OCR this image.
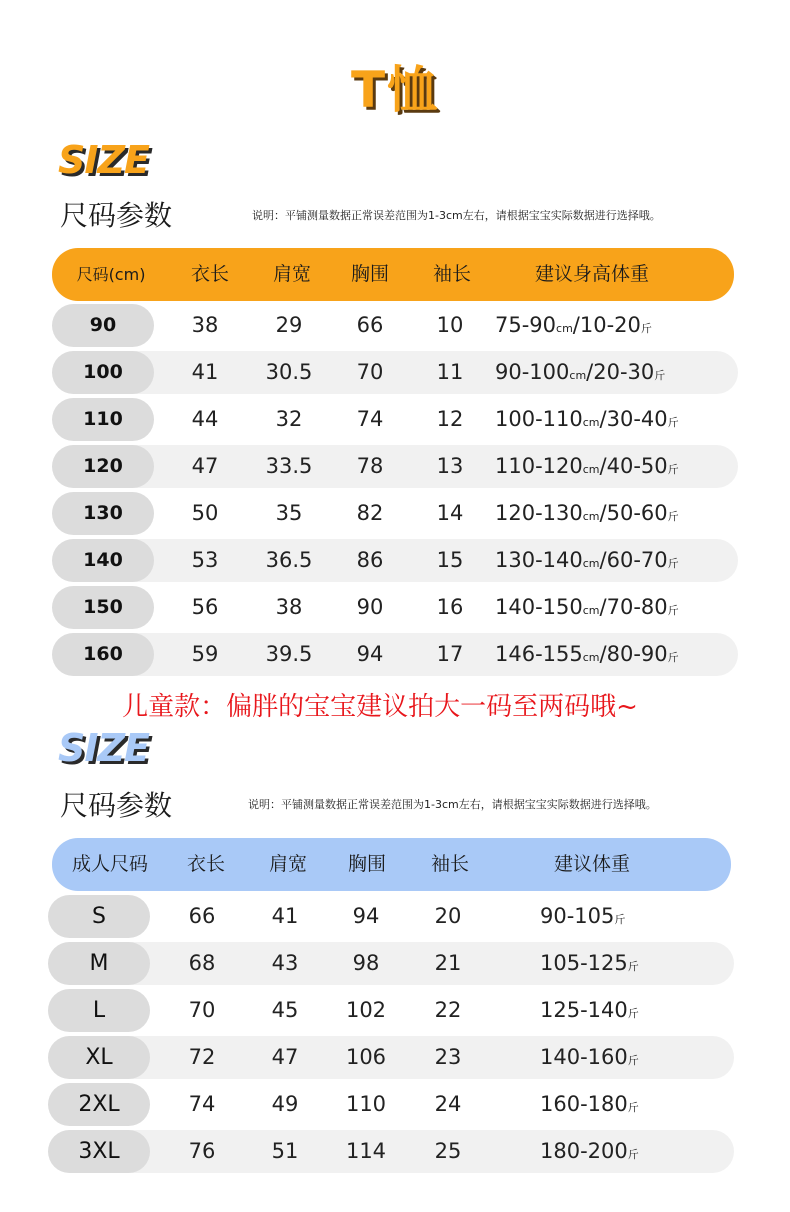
T恤
SIZE
尺码参数	说明：平铺测量数据正常误差范围为1-3cm左右，请根据宝宝实际数据进行选择哦。
尺码(cm)	衣长	肩宽	胸围	袖长	建议身高体重
90	38	29	66	10	75-90cm/10-20斤
100	41	30.5	70	11	90-100cm/20-30斤
110	44	32	74	12	100-110cm/30-40斤
120	47	33.5	78	13	110-120cm/40-50斤
130	50	35	82	14	120-130cm/50-60斤
140	53	36.5	86	15	130-140cm/60-70斤
150	56	38	90	16	140-150cm/70-80斤
160	59	39.5	94	17	146-155cm/80-90斤
儿童款：偏胖的宝宝建议拍大一码至两码哦~
SIZE
尺码参数	说明：平铺测量数据正常误差范围为1-3cm左右，请根据宝宝实际数据进行选择哦。
成人尺码	衣长	肩宽	胸围	袖长	建议体重
S	66	41	94	20	90-105斤
M	68	43	98	21	105-125斤
L	70	45	102	22	125-140斤
XL	72	47	106	23	140-160斤
2XL	74	49	110	24	160-180斤
3XL	76	51	114	25	180-200斤
